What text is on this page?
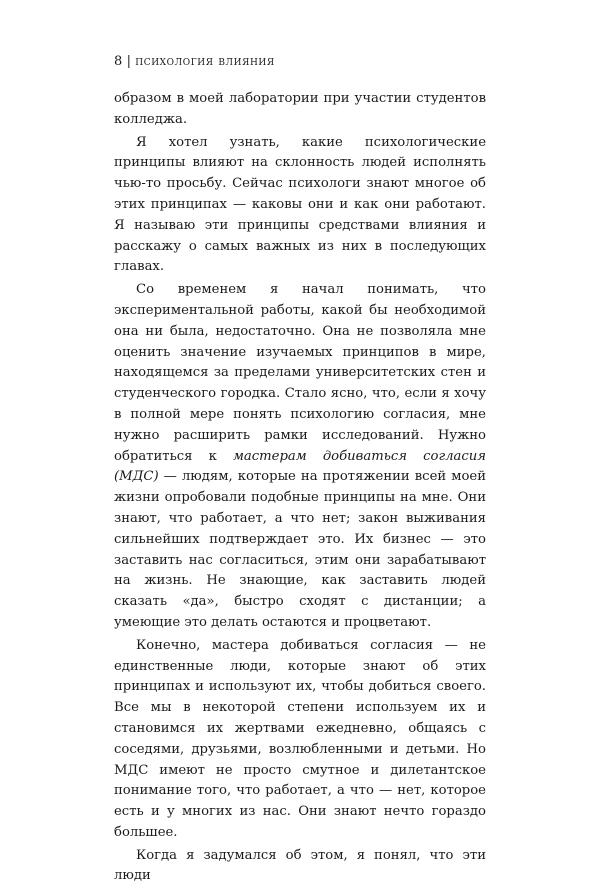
8 | психология влияния

образом в моей лаборатории при участии студентов колледжа.

Я хотел узнать, какие психологические принципы влияют на склонность людей исполнять чью-то просьбу. Сейчас психологи знают многое об этих принципах — каковы они и как они работают. Я называю эти принципы средствами влияния и расскажу о самых важных из них в последующих главах.

Со временем я начал понимать, что экспериментальной работы, какой бы необходимой она ни была, недостаточно. Она не позволяла мне оценить значение изучаемых принципов в мире, находящемся за пределами университетских стен и студенческого городка. Стало ясно, что, если я хочу в полной мере понять психологию согласия, мне нужно расширить рамки исследований. Нужно обратиться к мастерам добиваться согласия (МДС) — людям, которые на протяжении всей моей жизни опробовали подобные принципы на мне. Они знают, что работает, а что нет; закон выживания сильнейших подтверждает это. Их бизнес — это заставить нас согласиться, этим они зарабатывают на жизнь. Не знающие, как заставить людей сказать «да», быстро сходят с дистанции; а умеющие это делать остаются и процветают.

Конечно, мастера добиваться согласия — не единственные люди, которые знают об этих принципах и используют их, чтобы добиться своего. Все мы в некоторой степени используем их и становимся их жертвами ежедневно, общаясь с соседями, друзьями, возлюбленными и детьми. Но МДС имеют не просто смутное и дилетантское понимание того, что работает, а что — нет, которое есть и у многих из нас. Они знают нечто гораздо большее.

Когда я задумался об этом, я понял, что эти люди
